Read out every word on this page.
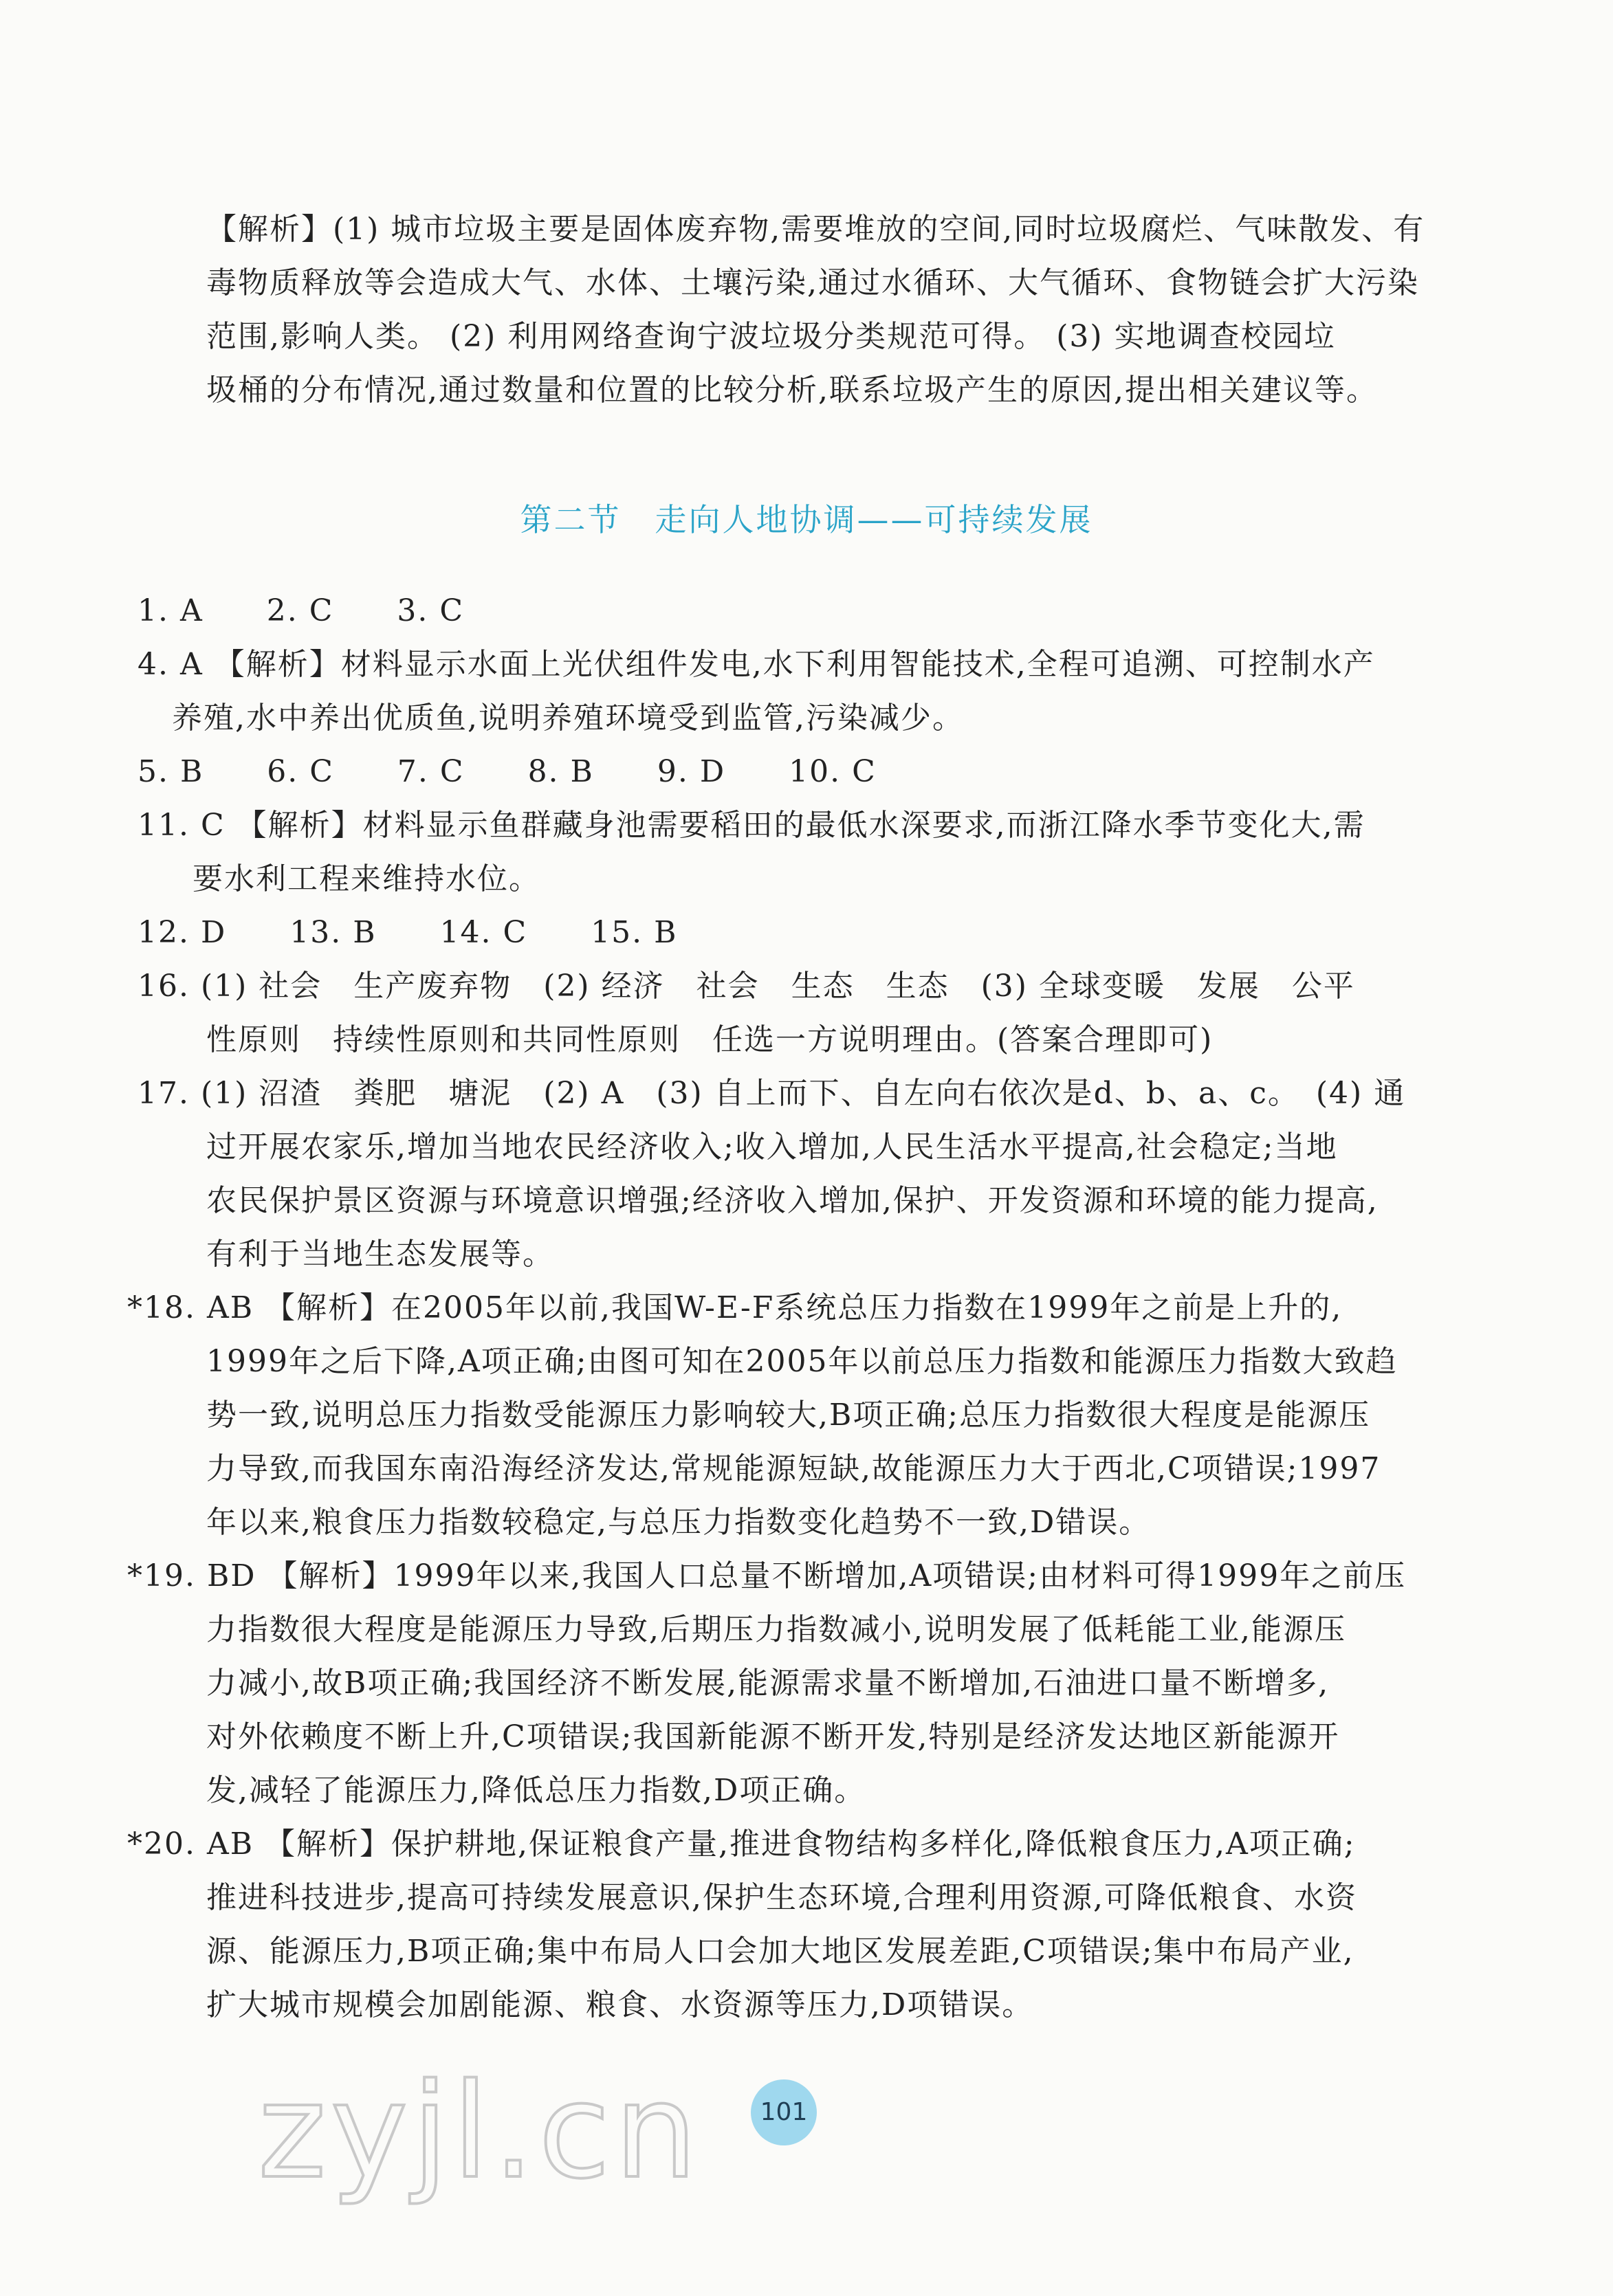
【解析】(1) 城市垃圾主要是固体废弃物,需要堆放的空间,同时垃圾腐烂、气味散发、有
毒物质释放等会造成大气、水体、土壤污染,通过水循环、大气循环、食物链会扩大污染
范围,影响人类。 (2) 利用网络查询宁波垃圾分类规范可得。 (3) 实地调查校园垃
圾桶的分布情况,通过数量和位置的比较分析,联系垃圾产生的原因,提出相关建议等。
第二节　走向人地协调——可持续发展
1. A　　2. C　　3. C
4. A 【解析】材料显示水面上光伏组件发电,水下利用智能技术,全程可追溯、可控制水产
养殖,水中养出优质鱼,说明养殖环境受到监管,污染减少。
5. B　　6. C　　7. C　　8. B　　9. D　　10. C
11. C 【解析】材料显示鱼群藏身池需要稻田的最低水深要求,而浙江降水季节变化大,需
要水利工程来维持水位。
12. D　　13. B　　14. C　　15. B
16. (1) 社会　生产废弃物　(2) 经济　社会　生态　生态　(3) 全球变暖　发展　公平
性原则　持续性原则和共同性原则　任选一方说明理由。(答案合理即可)
17. (1) 沼渣　粪肥　塘泥　(2) A　(3) 自上而下、自左向右依次是d、b、a、c。　(4) 通
过开展农家乐,增加当地农民经济收入;收入增加,人民生活水平提高,社会稳定;当地
农民保护景区资源与环境意识增强;经济收入增加,保护、开发资源和环境的能力提高,
有利于当地生态发展等。
*18. AB 【解析】在2005年以前,我国W-E-F系统总压力指数在1999年之前是上升的,
1999年之后下降,A项正确;由图可知在2005年以前总压力指数和能源压力指数大致趋
势一致,说明总压力指数受能源压力影响较大,B项正确;总压力指数很大程度是能源压
力导致,而我国东南沿海经济发达,常规能源短缺,故能源压力大于西北,C项错误;1997
年以来,粮食压力指数较稳定,与总压力指数变化趋势不一致,D错误。
*19. BD 【解析】1999年以来,我国人口总量不断增加,A项错误;由材料可得1999年之前压
力指数很大程度是能源压力导致,后期压力指数减小,说明发展了低耗能工业,能源压
力减小,故B项正确;我国经济不断发展,能源需求量不断增加,石油进口量不断增多,
对外依赖度不断上升,C项错误;我国新能源不断开发,特别是经济发达地区新能源开
发,减轻了能源压力,降低总压力指数,D项正确。
*20. AB 【解析】保护耕地,保证粮食产量,推进食物结构多样化,降低粮食压力,A项正确;
推进科技进步,提高可持续发展意识,保护生态环境,合理利用资源,可降低粮食、水资
源、能源压力,B项正确;集中布局人口会加大地区发展差距,C项错误;集中布局产业,
扩大城市规模会加剧能源、粮食、水资源等压力,D项错误。
zyjl.cn	101
